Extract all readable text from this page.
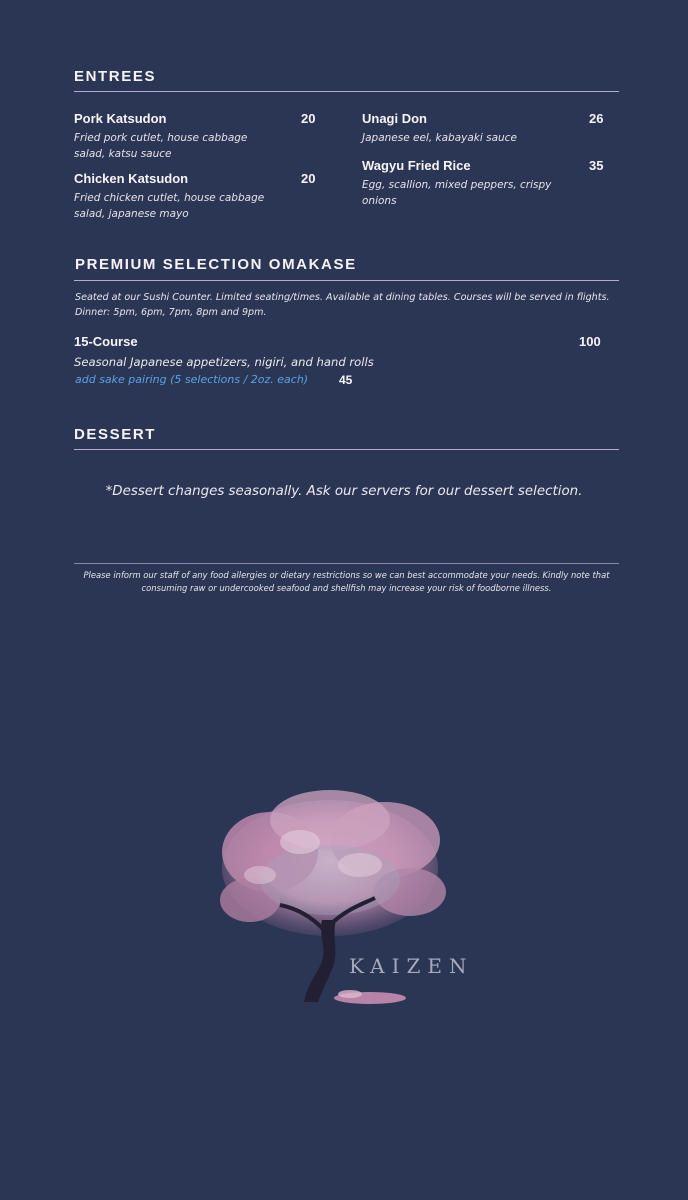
ENTREES
Pork Katsudon	20
Fried pork cutlet, house cabbage salad, katsu sauce
Chicken Katsudon	20
Fried chicken cutlet, house cabbage salad, japanese mayo
Unagi Don	26
Japanese eel, kabayaki sauce
Wagyu Fried Rice	35
Egg, scallion, mixed peppers, crispy onions
PREMIUM SELECTION OMAKASE
Seated at our Sushi Counter. Limited seating/times. Available at dining tables. Courses will be served in flights. Dinner: 5pm, 6pm, 7pm, 8pm and 9pm.
15-Course	100
Seasonal Japanese appetizers, nigiri, and hand rolls
add sake pairing (5 selections / 2oz. each)	45
DESSERT
*Dessert changes seasonally. Ask our servers for our dessert selection.
Please inform our staff of any food allergies or dietary restrictions so we can best accommodate your needs. Kindly note that consuming raw or undercooked seafood and shellfish may increase your risk of foodborne illness.
KAIZEN
